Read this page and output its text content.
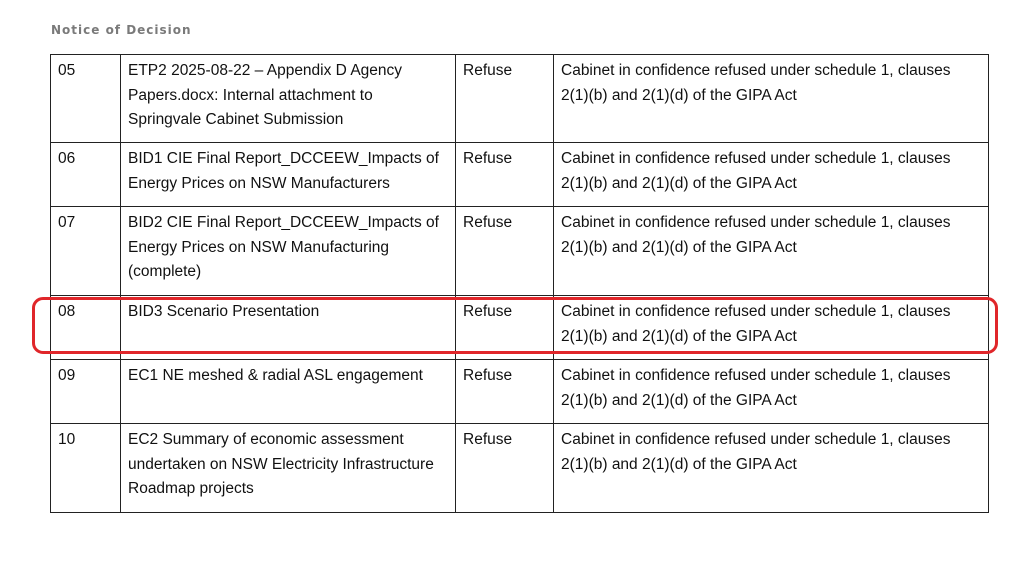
Notice of Decision
05	ETP2 2025-08-22 – Appendix D Agency Papers.docx: Internal attachment to Springvale Cabinet Submission	Refuse	Cabinet in confidence refused under schedule 1, clauses 2(1)(b) and 2(1)(d) of the GIPA Act
06	BID1 CIE Final Report_DCCEEW_Impacts of Energy Prices on NSW Manufacturers	Refuse	Cabinet in confidence refused under schedule 1, clauses 2(1)(b) and 2(1)(d) of the GIPA Act
07	BID2 CIE Final Report_DCCEEW_Impacts of Energy Prices on NSW Manufacturing (complete)	Refuse	Cabinet in confidence refused under schedule 1, clauses 2(1)(b) and 2(1)(d) of the GIPA Act
08	BID3 Scenario Presentation	Refuse	Cabinet in confidence refused under schedule 1, clauses 2(1)(b) and 2(1)(d) of the GIPA Act
09	EC1 NE meshed & radial ASL engagement	Refuse	Cabinet in confidence refused under schedule 1, clauses 2(1)(b) and 2(1)(d) of the GIPA Act
10	EC2 Summary of economic assessment undertaken on NSW Electricity Infrastructure Roadmap projects	Refuse	Cabinet in confidence refused under schedule 1, clauses 2(1)(b) and 2(1)(d) of the GIPA Act
